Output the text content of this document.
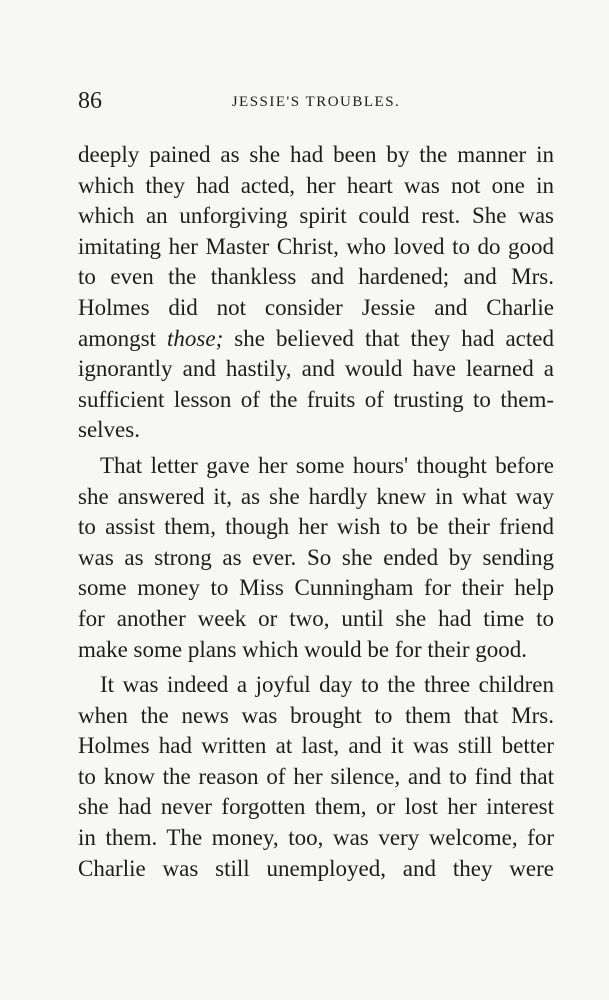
86	JESSIE'S TROUBLES.
deeply pained as she had been by the manner in
which they had acted, her heart was not one in
which an unforgiving spirit could rest. She was
imitating her Master Christ, who loved to do good
to even the thankless and hardened; and Mrs.
Holmes did not consider Jessie and Charlie
amongst those; she believed that they had acted
ignorantly and hastily, and would have learned a
sufficient lesson of the fruits of trusting to them-
selves.
That letter gave her some hours' thought before
she answered it, as she hardly knew in what way
to assist them, though her wish to be their friend
was as strong as ever. So she ended by sending
some money to Miss Cunningham for their help
for another week or two, until she had time to
make some plans which would be for their good.
It was indeed a joyful day to the three children
when the news was brought to them that Mrs.
Holmes had written at last, and it was still better
to know the reason of her silence, and to find that
she had never forgotten them, or lost her interest
in them. The money, too, was very welcome, for
Charlie was still unemployed, and they were
